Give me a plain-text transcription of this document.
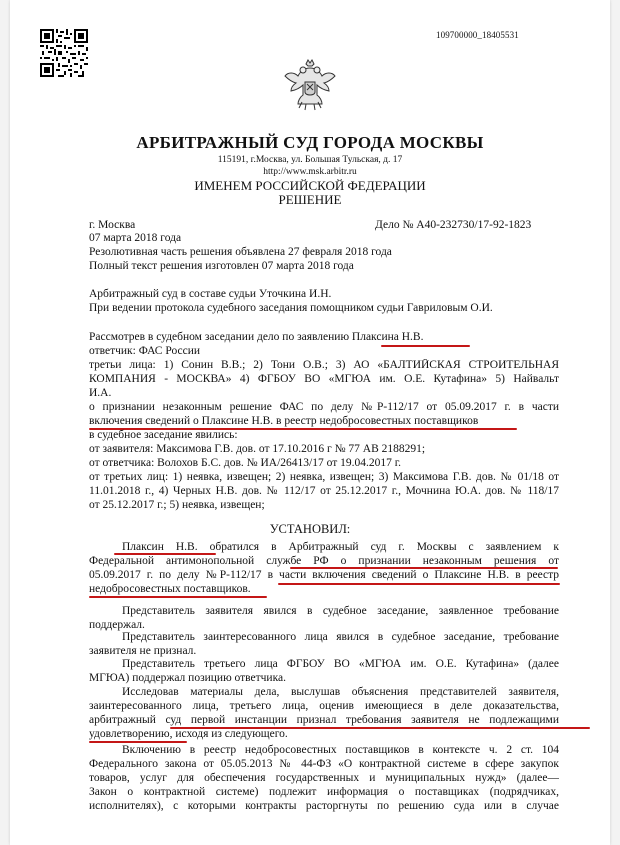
109700000_18405531
АРБИТРАЖНЫЙ СУД ГОРОДА МОСКВЫ
115191, г.Москва, ул. Большая Тульская, д. 17
http://www.msk.arbitr.ru
ИМЕНЕМ РОССИЙСКОЙ ФЕДЕРАЦИИ
РЕШЕНИЕ
г. Москва	Дело № А40-232730/17-92-1823
07 марта 2018 года
Резолютивная часть решения объявлена 27 февраля 2018 года
Полный текст решения изготовлен 07 марта 2018 года
Арбитражный суд в составе судьи Уточкина И.Н.
При ведении протокола судебного заседания помощником судьи Гавриловым О.И.
Рассмотрев в судебном заседании дело по заявлению Плаксина Н.В.
ответчик: ФАС России
третьи лица: 1) Сонин В.В.; 2) Тони О.В.; 3) АО «БАЛТИЙСКАЯ СТРОИТЕЛЬНАЯ
КОМПАНИЯ - МОСКВА» 4) ФГБОУ ВО «МГЮА им. О.Е. Кутафина» 5) Найвальт
И.А.
о признании незаконным решение ФАС по делу №Р-112/17 от 05.09.2017 г. в части
включения сведений о Плаксине Н.В. в реестр недобросовестных поставщиков
в судебное заседание явились:
от заявителя: Максимова Г.В. дов. от 17.10.2016 г № 77 АВ 2188291;
от ответчика: Волохов Б.С. дов. № ИА/26413/17 от 19.04.2017 г.
от третьих лиц: 1) неявка, извещен; 2) неявка, извещен; 3) Максимова Г.В. дов. № 01/18 от
11.01.2018 г., 4) Черных Н.В. дов. № 112/17 от 25.12.2017 г., Мочнина Ю.А. дов. № 118/17
от 25.12.2017 г.; 5) неявка, извещен;
УСТАНОВИЛ:
Плаксин Н.В. обратился в Арбитражный суд г. Москвы с заявлением к
Федеральной антимонопольной службе РФ о признании незаконным решения от
05.09.2017 г. по делу №Р-112/17 в части включения сведений о Плаксине Н.В. в реестр
недобросовестных поставщиков.
Представитель заявителя явился в судебное заседание, заявленное требование
поддержал.
Представитель заинтересованного лица явился в судебное заседание, требование
заявителя не признал.
Представитель третьего лица ФГБОУ ВО «МГЮА им. О.Е. Кутафина» (далее
МГЮА) поддержал позицию ответчика.
Исследовав материалы дела, выслушав объяснения представителей заявителя,
заинтересованного лица, третьего лица, оценив имеющиеся в деле доказательства,
арбитражный суд первой инстанции признал требования заявителя не подлежащими
удовлетворению, исходя из следующего.
Включению в реестр недобросовестных поставщиков в контексте ч. 2 ст. 104
Федерального закона от 05.05.2013 № 44-ФЗ «О контрактной системе в сфере закупок
товаров, услуг для обеспечения государственных и муниципальных нужд» (далее—
Закон о контрактной системе) подлежит информация о поставщиках (подрядчиках,
исполнителях), с которыми контракты расторгнуты по решению суда или в случае
